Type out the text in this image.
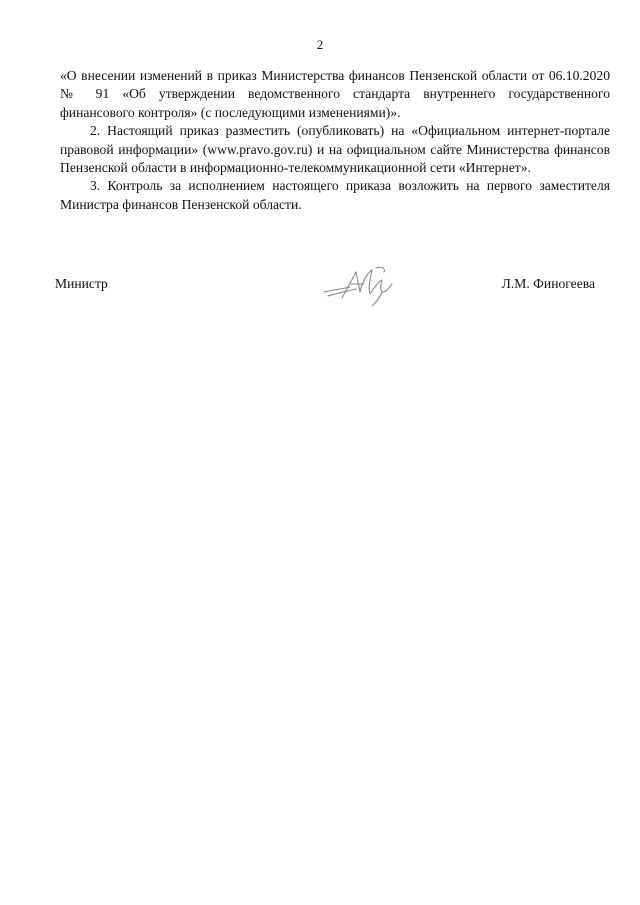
2

«О внесении изменений в приказ Министерства финансов Пензенской области от 06.10.2020 № 91 «Об утверждении ведомственного стандарта внутреннего государственного финансового контроля» (с последующими изменениями)».

2. Настоящий приказ разместить (опубликовать) на «Официальном интернет-портале правовой информации» (www.pravo.gov.ru) и на официальном сайте Министерства финансов Пензенской области в информационно-телекоммуникационной сети «Интернет».

3. Контроль за исполнением настоящего приказа возложить на первого заместителя Министра финансов Пензенской области.

Министр	Л.М. Финогеева
